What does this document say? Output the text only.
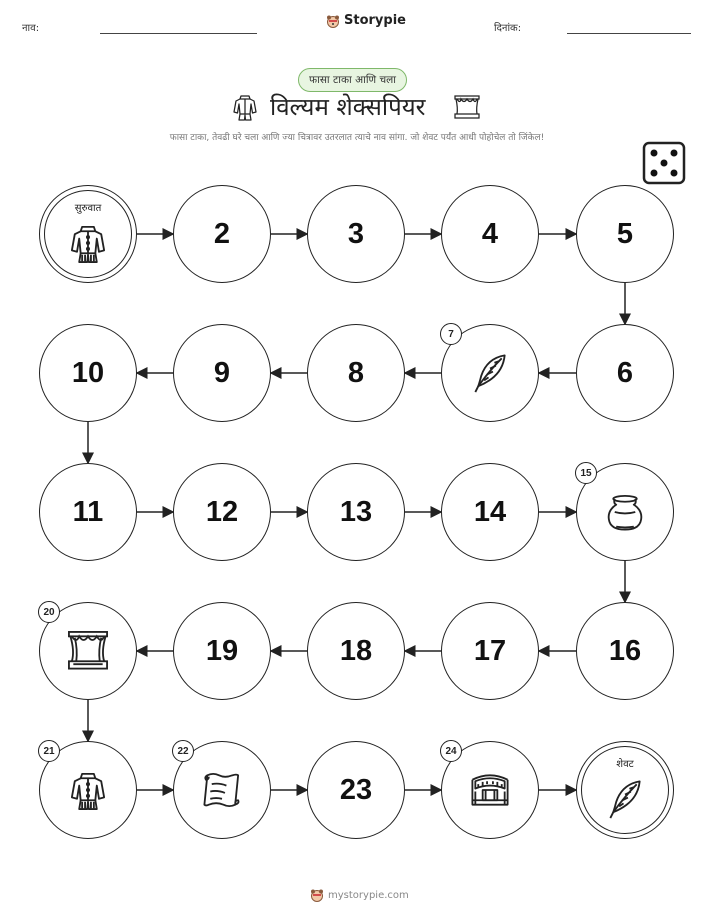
नाव:
Storypie
दिनांक:
फासा टाका आणि चला
विल्यम शेक्सपियर
फासा टाका, तेवढी घरे चला आणि ज्या चित्रावर उतरलात त्याचे नाव सांगा. जो शेवट पर्यंत आधी पोहोचेल तो जिंकेल!
शेवट
23
19	18	17	16
14
13
12
11
10	9	8	6
5
4
3
2
सुरुवात
7
15
20
21	22	24
mystorypie.com
